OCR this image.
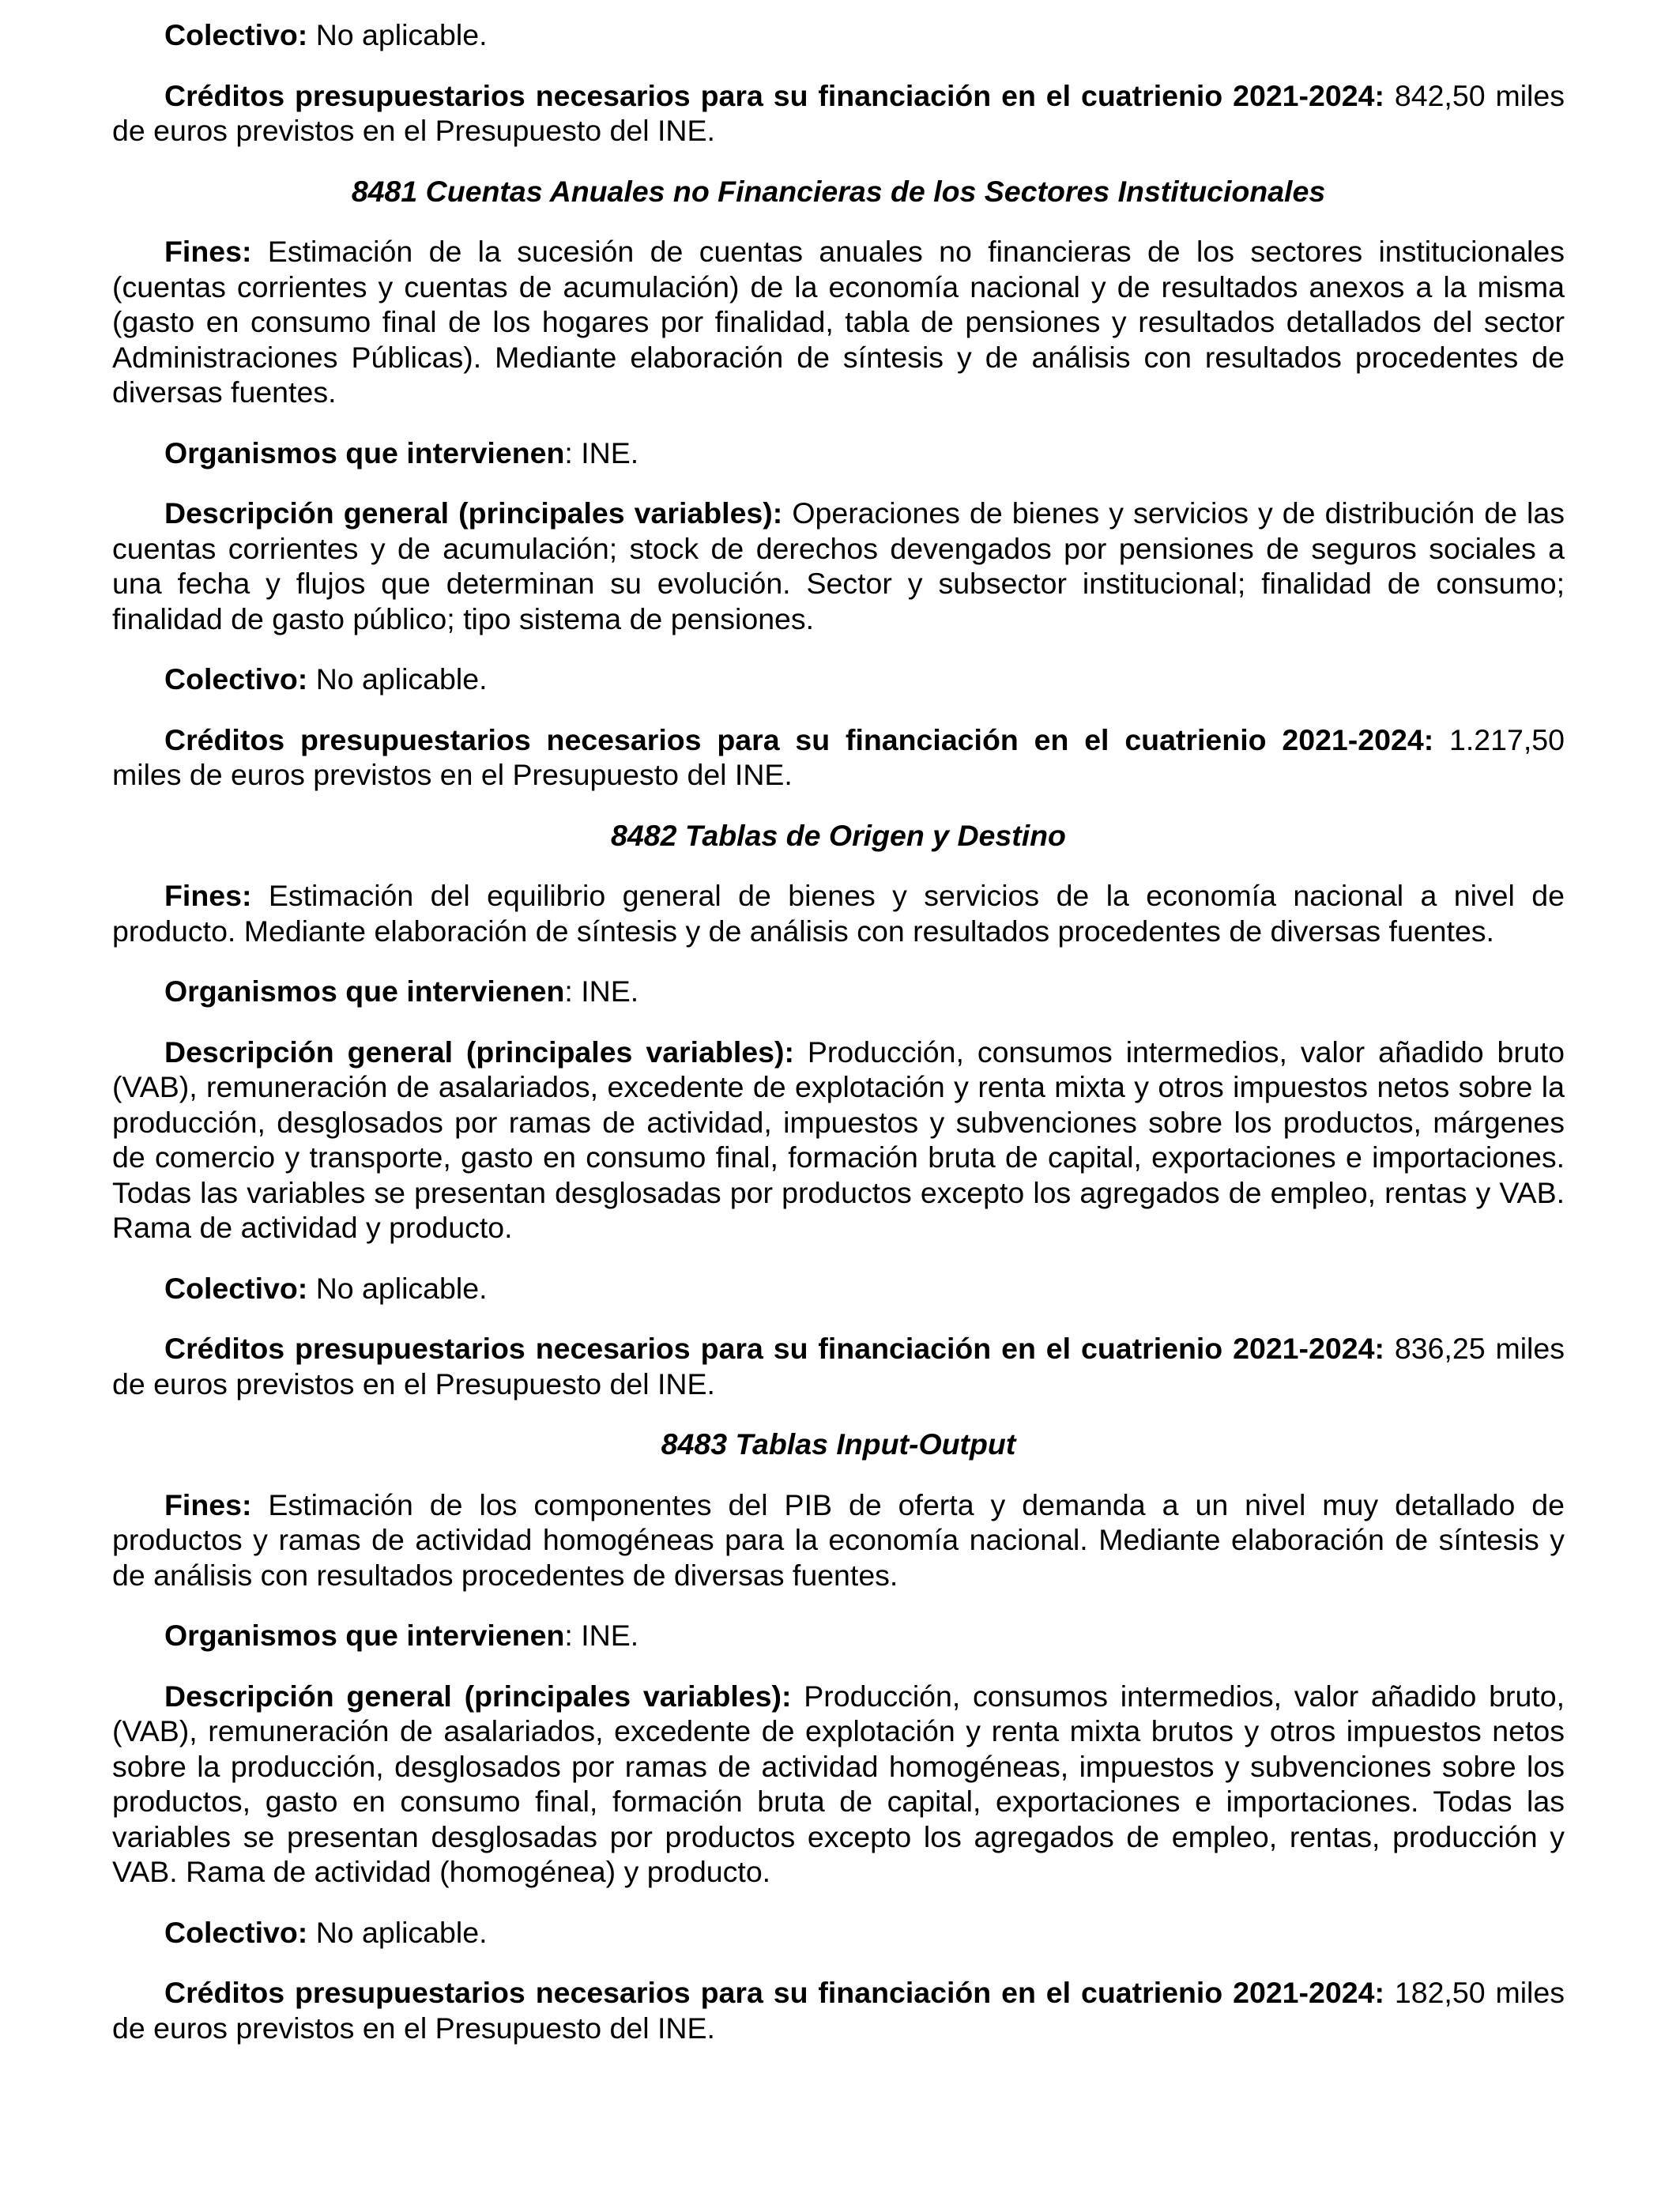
Colectivo: No aplicable.

Créditos presupuestarios necesarios para su financiación en el cuatrienio 2021-2024: 842,50 miles de euros previstos en el Presupuesto del INE.

8481 Cuentas Anuales no Financieras de los Sectores Institucionales

Fines: Estimación de la sucesión de cuentas anuales no financieras de los sectores institucionales (cuentas corrientes y cuentas de acumulación) de la economía nacional y de resultados anexos a la misma (gasto en consumo final de los hogares por finalidad, tabla de pensiones y resultados detallados del sector Administraciones Públicas). Mediante elaboración de síntesis y de análisis con resultados procedentes de diversas fuentes.

Organismos que intervienen: INE.

Descripción general (principales variables): Operaciones de bienes y servicios y de distribución de las cuentas corrientes y de acumulación; stock de derechos devengados por pensiones de seguros sociales a una fecha y flujos que determinan su evolución. Sector y subsector institucional; finalidad de consumo; finalidad de gasto público; tipo sistema de pensiones.

Colectivo: No aplicable.

Créditos presupuestarios necesarios para su financiación en el cuatrienio 2021-2024: 1.217,50 miles de euros previstos en el Presupuesto del INE.

8482 Tablas de Origen y Destino

Fines: Estimación del equilibrio general de bienes y servicios de la economía nacional a nivel de producto. Mediante elaboración de síntesis y de análisis con resultados procedentes de diversas fuentes.

Organismos que intervienen: INE.

Descripción general (principales variables): Producción, consumos intermedios, valor añadido bruto (VAB), remuneración de asalariados, excedente de explotación y renta mixta y otros impuestos netos sobre la producción, desglosados por ramas de actividad, impuestos y subvenciones sobre los productos, márgenes de comercio y transporte, gasto en consumo final, formación bruta de capital, exportaciones e importaciones. Todas las variables se presentan desglosadas por productos excepto los agregados de empleo, rentas y VAB. Rama de actividad y producto.

Colectivo: No aplicable.

Créditos presupuestarios necesarios para su financiación en el cuatrienio 2021-2024: 836,25 miles de euros previstos en el Presupuesto del INE.

8483 Tablas Input-Output

Fines: Estimación de los componentes del PIB de oferta y demanda a un nivel muy detallado de productos y ramas de actividad homogéneas para la economía nacional. Mediante elaboración de síntesis y de análisis con resultados procedentes de diversas fuentes.

Organismos que intervienen: INE.

Descripción general (principales variables): Producción, consumos intermedios, valor añadido bruto, (VAB), remuneración de asalariados, excedente de explotación y renta mixta brutos y otros impuestos netos sobre la producción, desglosados por ramas de actividad homogéneas, impuestos y subvenciones sobre los productos, gasto en consumo final, formación bruta de capital, exportaciones e importaciones. Todas las variables se presentan desglosadas por productos excepto los agregados de empleo, rentas, producción y VAB. Rama de actividad (homogénea) y producto.

Colectivo: No aplicable.

Créditos presupuestarios necesarios para su financiación en el cuatrienio 2021-2024: 182,50 miles de euros previstos en el Presupuesto del INE.
